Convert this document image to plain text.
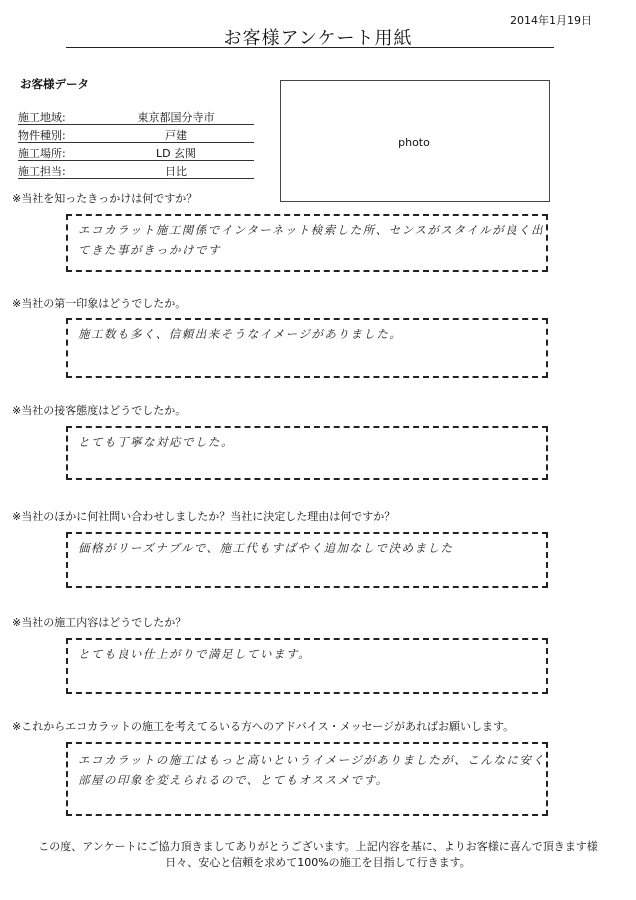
2014年1月19日
お客様アンケート用紙
お客様データ
施工地域:	東京都国分寺市
物件種別:	戸建
施工場所:	LD 玄関
施工担当:	日比
photo
※当社を知ったきっかけは何ですか？
エコカラット施工関係でインターネット検索した所、センスがスタイルが良く出てきた事がきっかけです
※当社の第一印象はどうでしたか。
施工数も多く、信頼出来そうなイメージがありました。
※当社の接客態度はどうでしたか。
とても丁寧な対応でした。
※当社のほかに何社問い合わせしましたか？当社に決定した理由は何ですか？
価格がリーズナブルで、施工代もすばやく追加なしで決めました
※当社の施工内容はどうでしたか？
とても良い仕上がりで満足しています。
※これからエコカラットの施工を考えてるいる方へのアドバイス・メッセージがあればお願いします。
エコカラットの施工はもっと高いというイメージがありましたが、こんなに安く部屋の印象を変えられるので、とてもオススメです。
この度、アンケートにご協力頂きましてありがとうございます。上記内容を基に、よりお客様に喜んで頂きます様
日々、安心と信頼を求めて100%の施工を目指して行きます。
